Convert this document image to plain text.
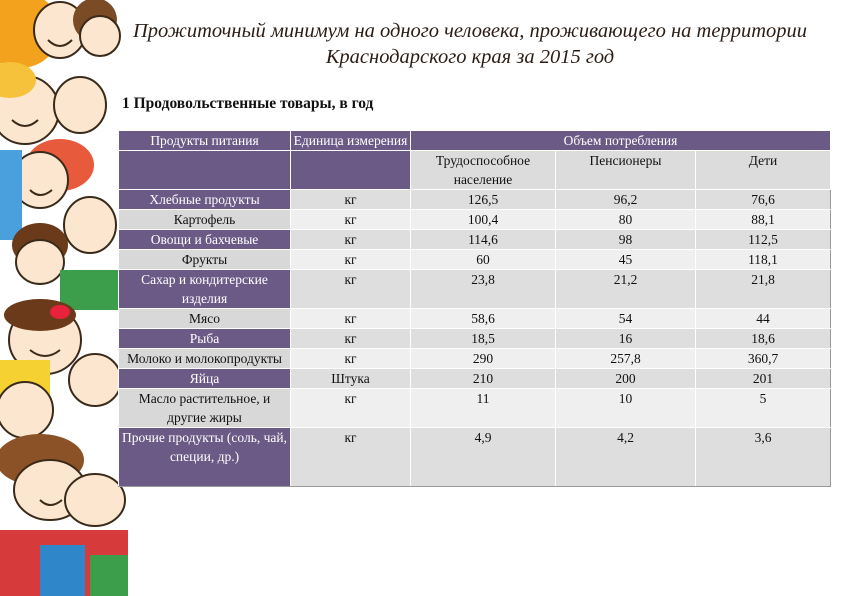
Прожиточный минимум на одного человека, проживающего на территории Краснодарского края за 2015 год
1 Продовольственные товары, в год
Продукты питания	Единица измерения	Объем потребления		
		Трудоспособное население	Пенсионеры	Дети
Хлебные продукты	кг	126,5	96,2	76,6
Картофель	кг	100,4	80	88,1
Овощи и бахчевые	кг	114,6	98	112,5
Фрукты	кг	60	45	118,1
Сахар и кондитерские изделия	кг	23,8	21,2	21,8
Мясо	кг	58,6	54	44
Рыба	кг	18,5	16	18,6
Молоко и молокопродукты	кг	290	257,8	360,7
Яйца	Штука	210	200	201
Масло растительное, и другие жиры	кг	11	10	5
Прочие продукты (соль, чай, специи, др.)	кг	4,9	4,2	3,6
